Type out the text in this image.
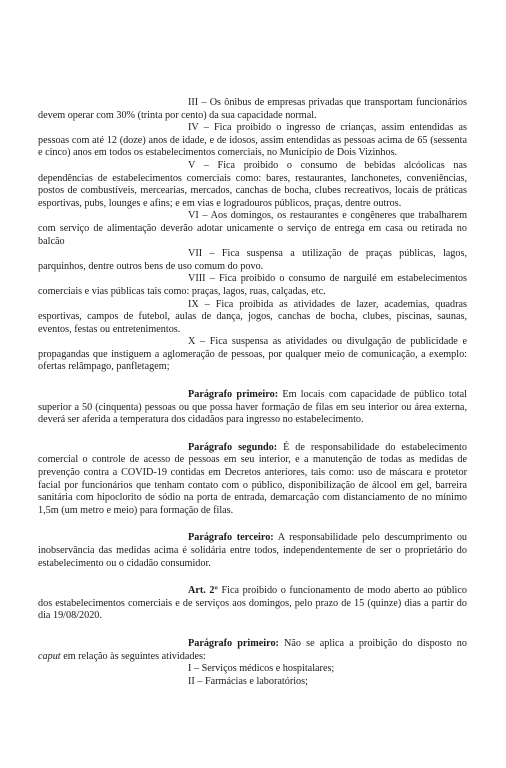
III – Os ônibus de empresas privadas que transportam funcionários devem operar com 30% (trinta por cento) da sua capacidade normal.

IV – Fica proibido o ingresso de crianças, assim entendidas as pessoas com até 12 (doze) anos de idade, e de idosos, assim entendidas as pessoas acima de 65 (sessenta e cinco) anos em todos os estabelecimentos comerciais, no Município de Dois Vizinhos.

V – Fica proibido o consumo de bebidas alcóolicas nas dependências de estabelecimentos comerciais como: bares, restaurantes, lanchonetes, conveniências, postos de combustíveis, mercearias, mercados, canchas de bocha, clubes recreativos, locais de práticas esportivas, pubs, lounges e afins; e em vias e logradouros públicos, praças, dentre outros.

VI – Aos domingos, os restaurantes e congêneres que trabalharem com serviço de alimentação deverão adotar unicamente o serviço de entrega em casa ou retirada no balcão

VII – Fica suspensa a utilização de praças públicas, lagos, parquinhos, dentre outros bens de uso comum do povo.

VIII – Fica proibido o consumo de narguilé em estabelecimentos comerciais e vias públicas tais como: praças, lagos, ruas, calçadas, etc.

IX – Fica proibida as atividades de lazer, academias, quadras esportivas, campos de futebol, aulas de dança, jogos, canchas de bocha, clubes, piscinas, saunas, eventos, festas ou entretenimentos.

X – Fica suspensa as atividades ou divulgação de publicidade e propagandas que instiguem a aglomeração de pessoas, por qualquer meio de comunicação, a exemplo: ofertas relâmpago, panfletagem;

Parágrafo primeiro: Em locais com capacidade de público total superior a 50 (cinquenta) pessoas ou que possa haver formação de filas em seu interior ou área externa, deverá ser aferida a temperatura dos cidadãos para ingresso no estabelecimento.

Parágrafo segundo: É de responsabilidade do estabelecimento comercial o controle de acesso de pessoas em seu interior, e a manutenção de todas as medidas de prevenção contra a COVID-19 contidas em Decretos anteriores, tais como: uso de máscara e protetor facial por funcionários que tenham contato com o público, disponibilização de álcool em gel, barreira sanitária com hipoclorito de sódio na porta de entrada, demarcação com distanciamento de no mínimo 1,5m (um metro e meio) para formação de filas.

Parágrafo terceiro: A responsabilidade pelo descumprimento ou inobservância das medidas acima é solidária entre todos, independentemente de ser o proprietário do estabelecimento ou o cidadão consumidor.

Art. 2º Fica proibido o funcionamento de modo aberto ao público dos estabelecimentos comerciais e de serviços aos domingos, pelo prazo de 15 (quinze) dias a partir do dia 19/08/2020.

Parágrafo primeiro: Não se aplica a proibição do disposto no caput em relação às seguintes atividades:

I – Serviços médicos e hospitalares;

II – Farmácias e laboratórios;
